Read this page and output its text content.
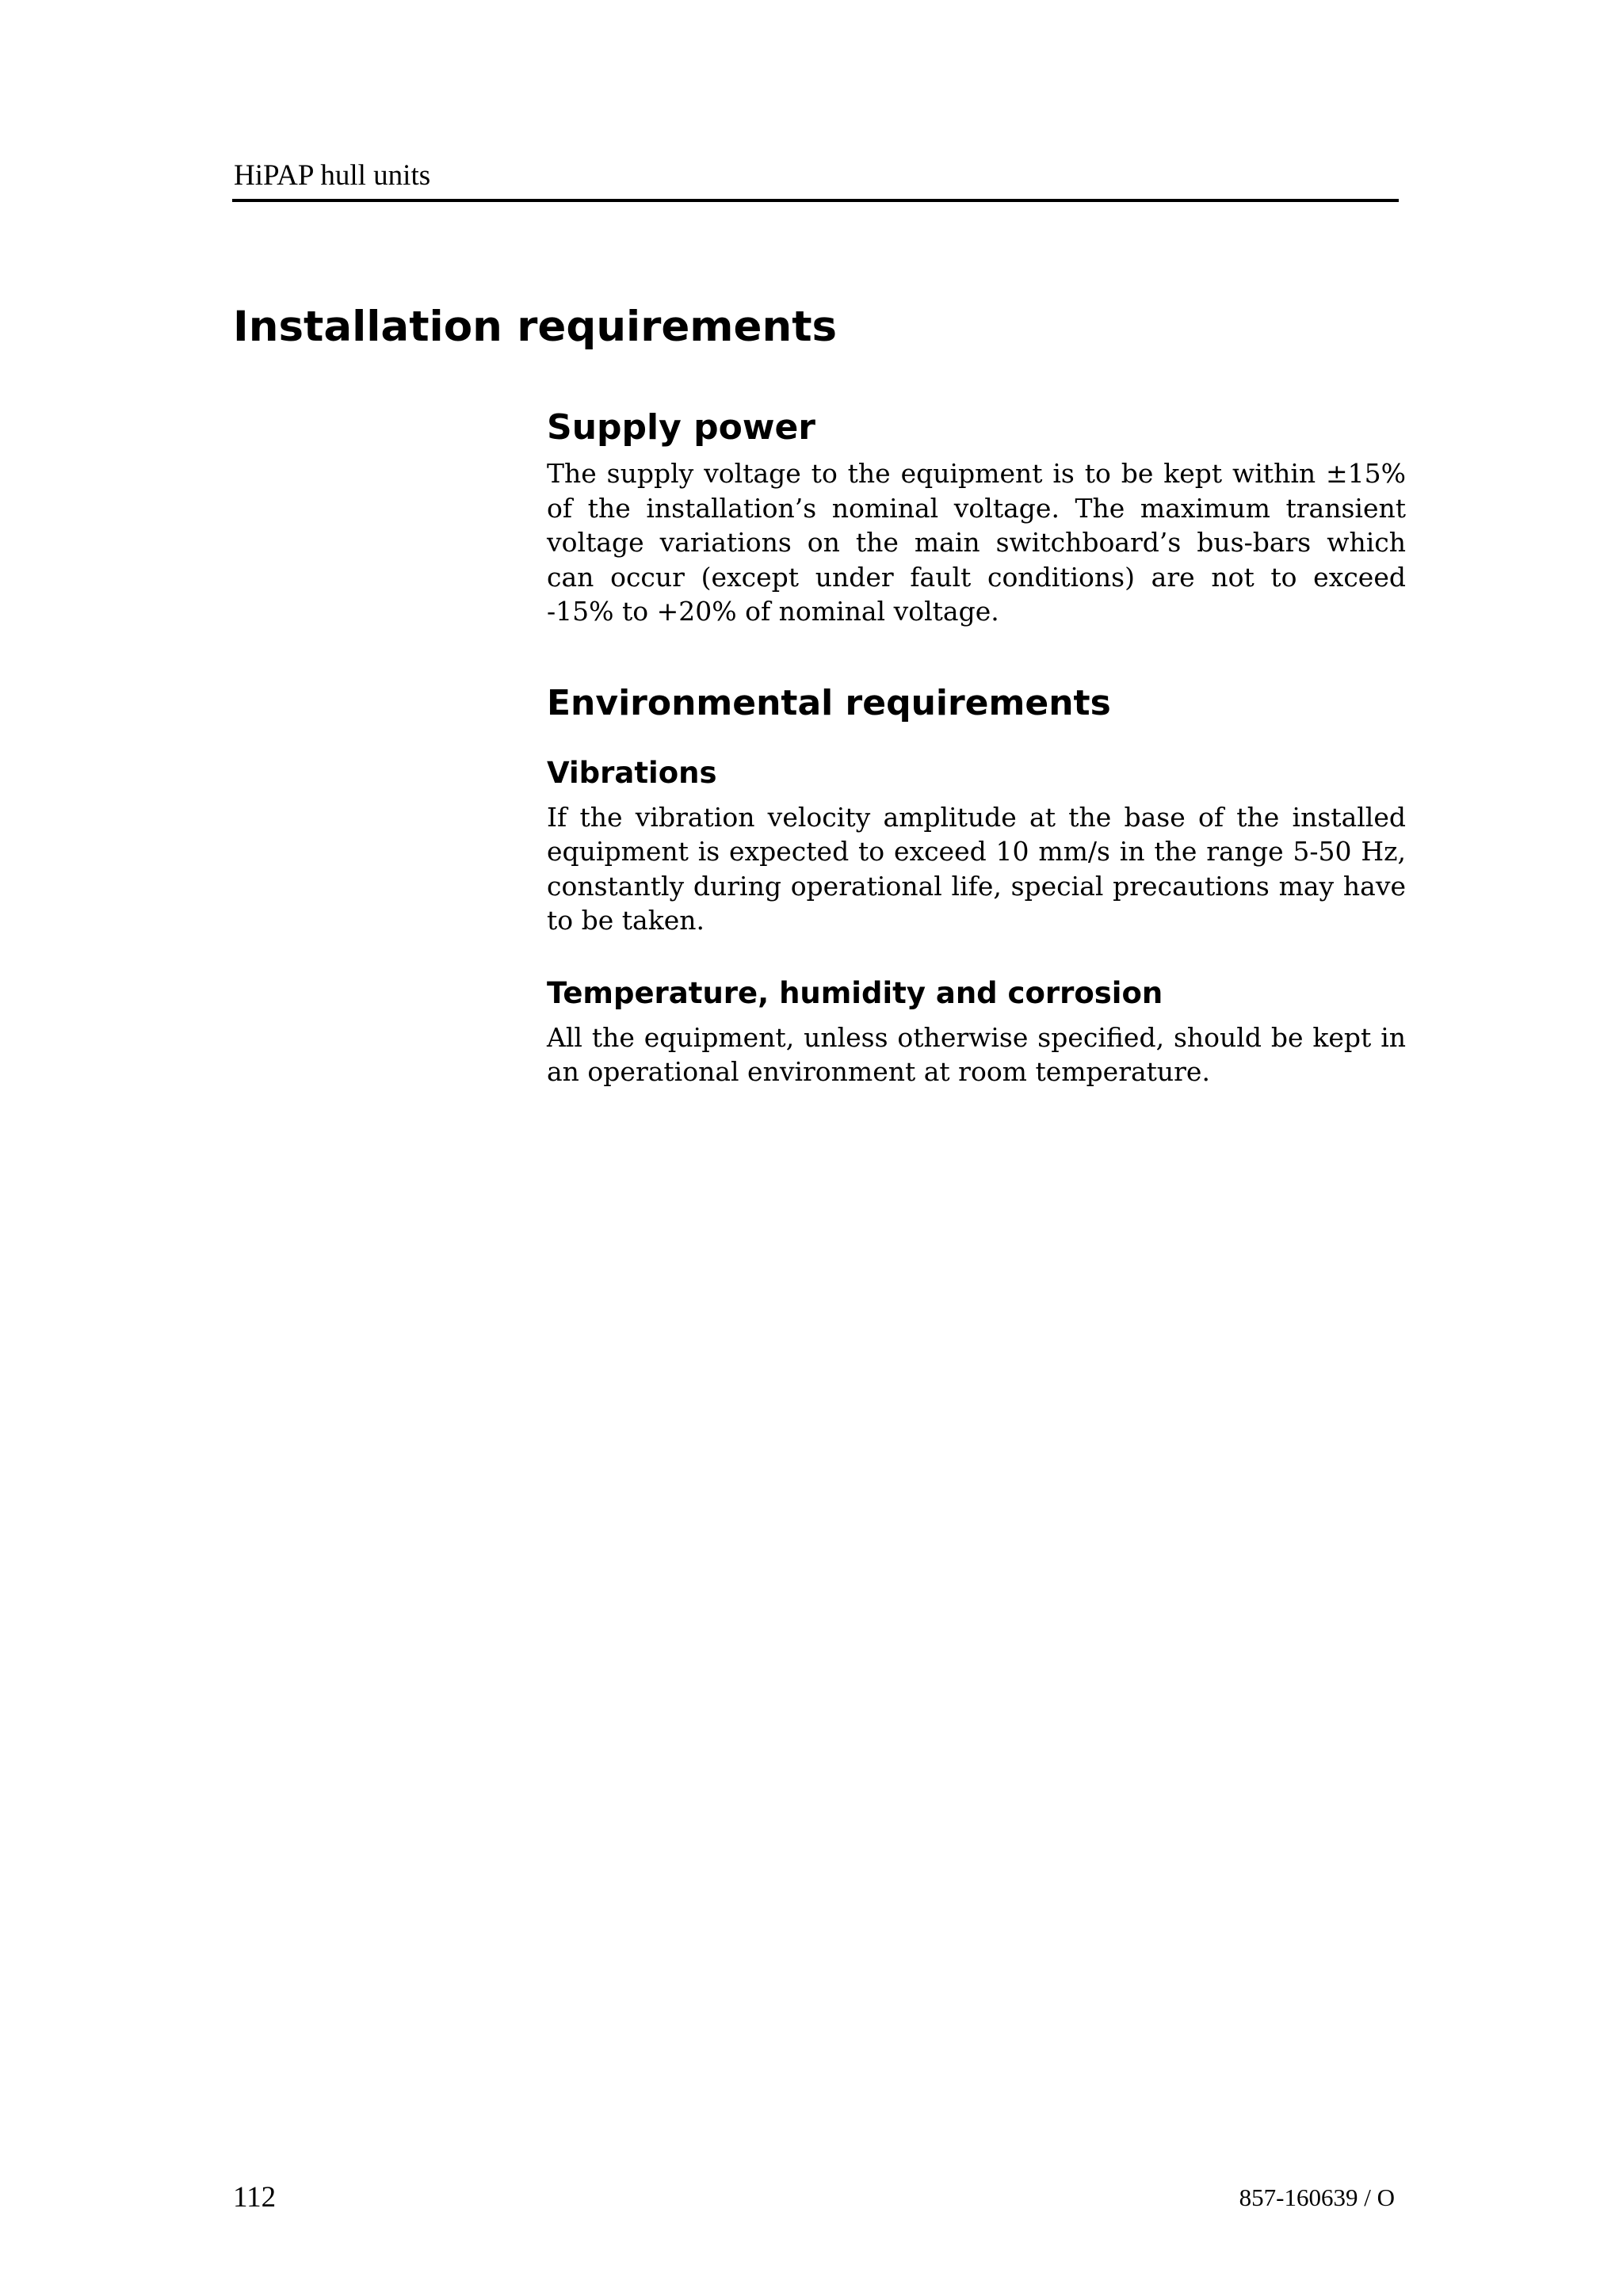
HiPAP hull units
Installation requirements
Supply power

The supply voltage to the equipment is to be kept within ±15% of the installation’s nominal voltage. The maximum transient voltage variations on the main switchboard’s bus-bars which can occur (except under fault conditions) are not to exceed -15% to +20% of nominal voltage.

Environmental requirements
Vibrations

If the vibration velocity amplitude at the base of the installed equipment is expected to exceed 10 mm/s in the range 5-50 Hz, constantly during operational life, special precautions may have to be taken.

Temperature, humidity and corrosion

All the equipment, unless otherwise specified, should be kept in an operational environment at room temperature.

112	857-160639 / O
